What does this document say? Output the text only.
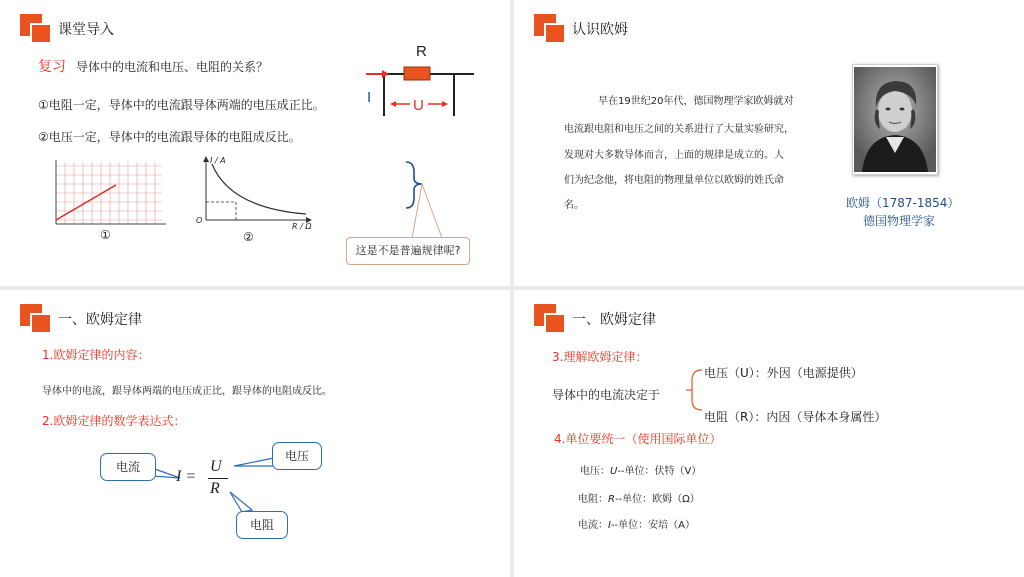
课堂导入
复习 导体中的电流和电压、电阻的关系？
①电阻一定，导体中的电流跟导体两端的电压成正比。
②电压一定，导体中的电流跟导体的电阻成反比。
R
I	U
①
I / A
R / Ω
O
②
这是不是普遍规律呢?
认识欧姆
早在19世纪20年代，德国物理学家欧姆就对
电流跟电阻和电压之间的关系进行了大量实验研究，
发现对大多数导体而言，上面的规律是成立的。人
们为纪念他，将电阻的物理量单位以欧姆的姓氏命
名。	欧姆（1787-1854）
德国物理学家
一、欧姆定律
1.欧姆定律的内容：
导体中的电流，跟导体两端的电压成正比，跟导体的电阻成反比。
2.欧姆定律的数学表达式：
电流
电压
电阻
I =
U
R
一、欧姆定律
3.理解欧姆定律：
导体中的电流决定于
电压（U）：外因（电源提供）
电阻（R）：内因（导体本身属性）
4.单位要统一（使用国际单位）
电压：U--单位：伏特（V）
电阻：R--单位：欧姆（Ω）
电流：I--单位：安培（A）
